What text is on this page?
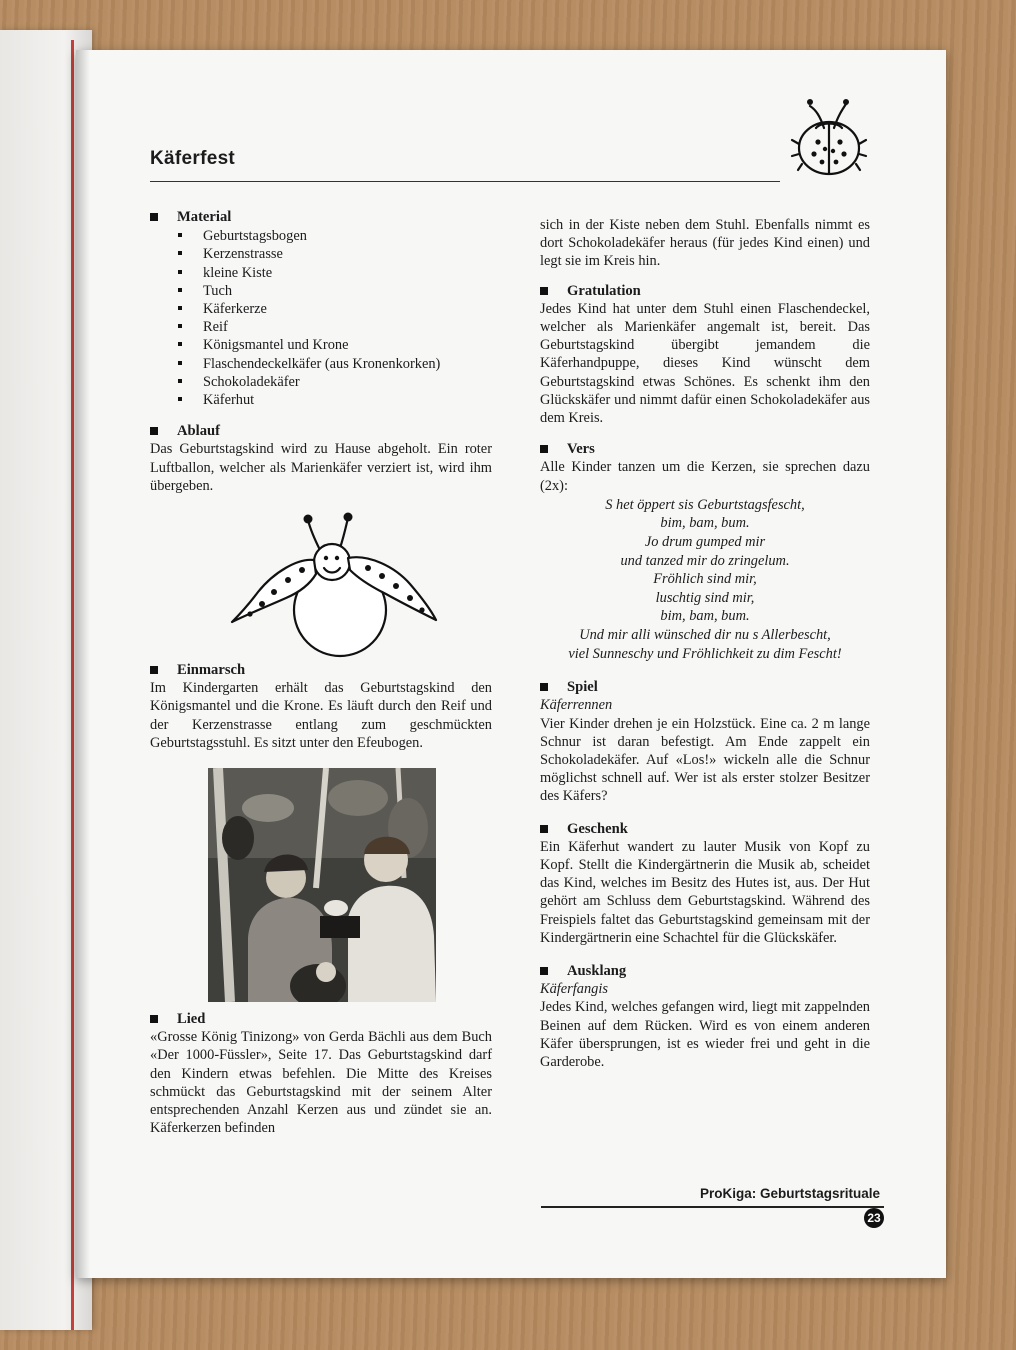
Käferfest
Material
Geburtstagsbogen
Kerzenstrasse
kleine Kiste
Tuch
Käferkerze
Reif
Königsmantel und Krone
Flaschendeckelkäfer (aus Kronenkorken)
Schokoladekäfer
Käferhut
Ablauf

Das Geburtstagskind wird zu Hause abgeholt. Ein roter Luftballon, welcher als Marienkäfer verziert ist, wird ihm übergeben.

Einmarsch

Im Kindergarten erhält das Geburtstagskind den Königsmantel und die Krone. Es läuft durch den Reif und der Kerzenstrasse entlang zum geschmückten Geburtstagsstuhl. Es sitzt unter den Efeubogen.

Lied

«Grosse König Tinizong» von Gerda Bächli aus dem Buch «Der 1000-Füssler», Seite 17. Das Geburtstagskind darf den Kindern etwas befehlen. Die Mitte des Kreises schmückt das Geburtstagskind mit der seinem Alter entsprechenden Anzahl Kerzen aus und zündet sie an. Käferkerzen befinden

sich in der Kiste neben dem Stuhl. Ebenfalls nimmt es dort Schokoladekäfer heraus (für jedes Kind einen) und legt sie im Kreis hin.

Gratulation

Jedes Kind hat unter dem Stuhl einen Flaschendeckel, welcher als Marienkäfer angemalt ist, bereit. Das Geburtstagskind übergibt jemandem die Käferhandpuppe, dieses Kind wünscht dem Geburtstagskind etwas Schönes. Es schenkt ihm den Glückskäfer und nimmt dafür einen Schokoladekäfer aus dem Kreis.

Vers

Alle Kinder tanzen um die Kerzen, sie sprechen dazu (2x):

S het öppert sis Geburtstagsfescht,
bim, bam, bum.
Jo drum gumped mir
und tanzed mir do zringelum.
Fröhlich sind mir,
luschtig sind mir,
bim, bam, bum.
Und mir alli wünsched dir nu s Allerbescht,
viel Sunneschy und Fröhlichkeit zu dim Fescht!
Spiel

Käferrennen

Vier Kinder drehen je ein Holzstück. Eine ca. 2 m lange Schnur ist daran befestigt. Am Ende zappelt ein Schokoladekäfer. Auf «Los!» wickeln alle die Schnur möglichst schnell auf. Wer ist als erster stolzer Besitzer des Käfers?

Geschenk

Ein Käferhut wandert zu lauter Musik von Kopf zu Kopf. Stellt die Kindergärtnerin die Musik ab, scheidet das Kind, welches im Besitz des Hutes ist, aus. Der Hut gehört am Schluss dem Geburtstagskind. Während des Freispiels faltet das Geburtstagskind gemeinsam mit der Kindergärtnerin eine Schachtel für die Glückskäfer.

Ausklang

Käferfangis

Jedes Kind, welches gefangen wird, liegt mit zappelnden Beinen auf dem Rücken. Wird es von einem anderen Käfer übersprungen, ist es wieder frei und geht in die Garderobe.

ProKiga: Geburtstagsrituale
23
